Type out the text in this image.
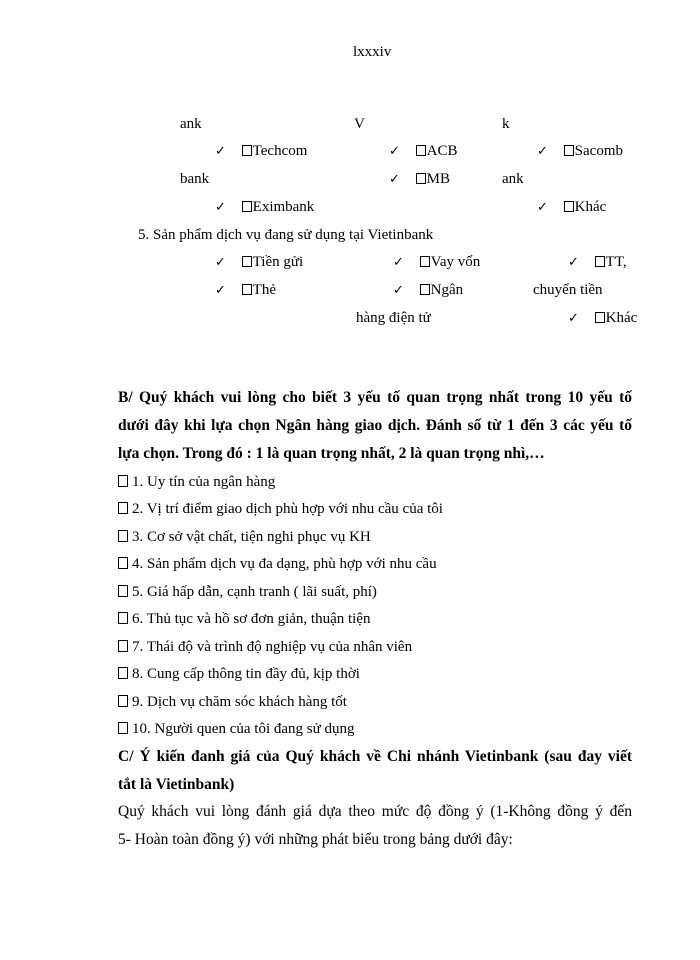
lxxxiv
ank	V	k
✓ Techcom ✓	ACB ✓	Sacomb
bank ✓	MB	ank
✓ Eximbank ✓	Khác
5. Sản phẩm dịch vụ đang sử dụng tại Vietinbank
✓ Tiền gửi ✓	Vay vốn ✓	TT,
✓ Thẻ ✓	Ngân	chuyển tiền
hàng điện tử ✓	Khác
B/ Quý khách vui lòng cho biết 3 yếu tố quan trọng nhất trong 10 yếu tố
dưới đây khi lựa chọn Ngân hàng giao dịch. Đánh số từ 1 đến 3 các yếu tố
lựa chọn. Trong đó : 1 là quan trọng nhất, 2 là quan trọng nhì,…
1. Uy tín của ngân hàng
2. Vị trí điểm giao dịch phù hợp với nhu cầu của tôi
3. Cơ sở vật chất, tiện nghi phục vụ KH
4. Sản phẩm dịch vụ đa dạng, phù hợp với nhu cầu
5. Giá hấp dẫn, cạnh tranh ( lãi suất, phí)
6. Thủ tục và hồ sơ đơn giản, thuận tiện
7. Thái độ và trình độ nghiệp vụ của nhân viên
8. Cung cấp thông tin đầy đủ, kịp thời
9. Dịch vụ chăm sóc khách hàng tốt
10. Người quen của tôi đang sử dụng
C/ Ý kiến đanh giá của Quý khách về Chi nhánh Vietinbank (sau đay viết
tắt là Vietinbank)
Quý khách vui lòng đánh giá dựa theo mức độ đồng ý (1-Không đồng ý đến
5- Hoàn toàn đồng ý) với những phát biểu trong bảng dưới đây:
